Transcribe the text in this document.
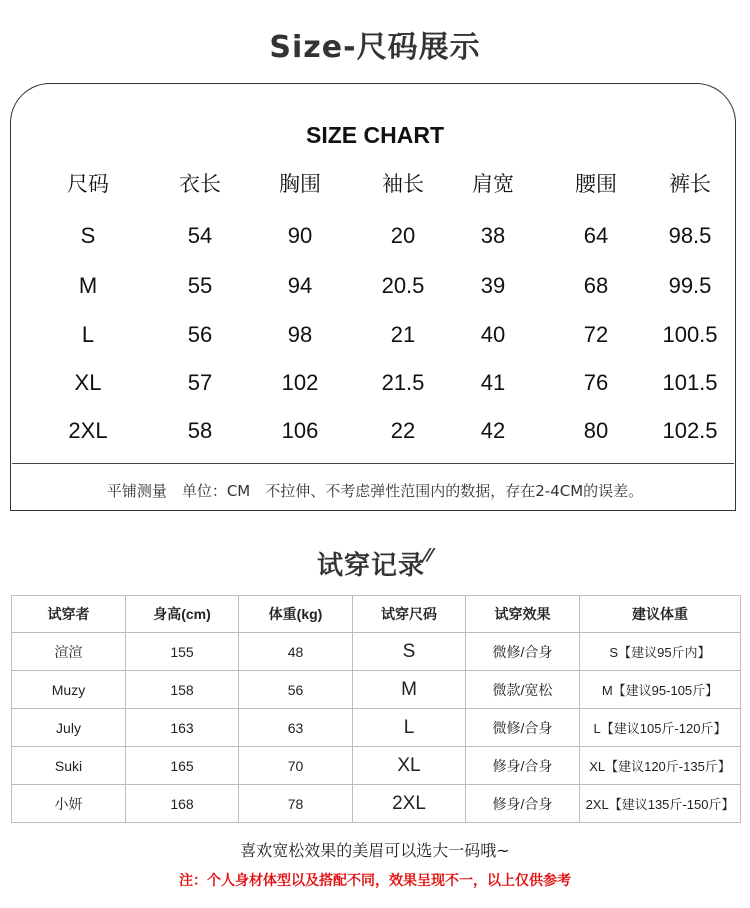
Size-尺码展示
SIZE CHART
尺码	衣长	胸围	袖长 肩宽	腰围 裤长
S	54	90	20	38	64	98.5
M	55	94	20.5	39	68	99.5
L	56	98	21	40	72 100.5
XL	57	102	21.5	41	76 101.5
2XL	58	106	22	42	80 102.5
平铺测量　单位：CM　不拉伸、不考虑弹性范围内的数据，存在2-4CM的误差。
试穿记录⁄⁄
试穿者	身高(cm)	体重(kg)	试穿尺码	试穿效果	建议体重
渲渲	155	48	S	微修/合身	S【建议95斤内】
Muzy	158	56	M	微款/宽松	M【建议95-105斤】
July	163	63	L	微修/合身	L【建议105斤-120斤】
Suki	165	70	XL	修身/合身	XL【建议120斤-135斤】
小妍	168	78	2XL	修身/合身	2XL【建议135斤-150斤】
喜欢宽松效果的美眉可以选大一码哦~
注：个人身材体型以及搭配不同，效果呈现不一，以上仅供参考
